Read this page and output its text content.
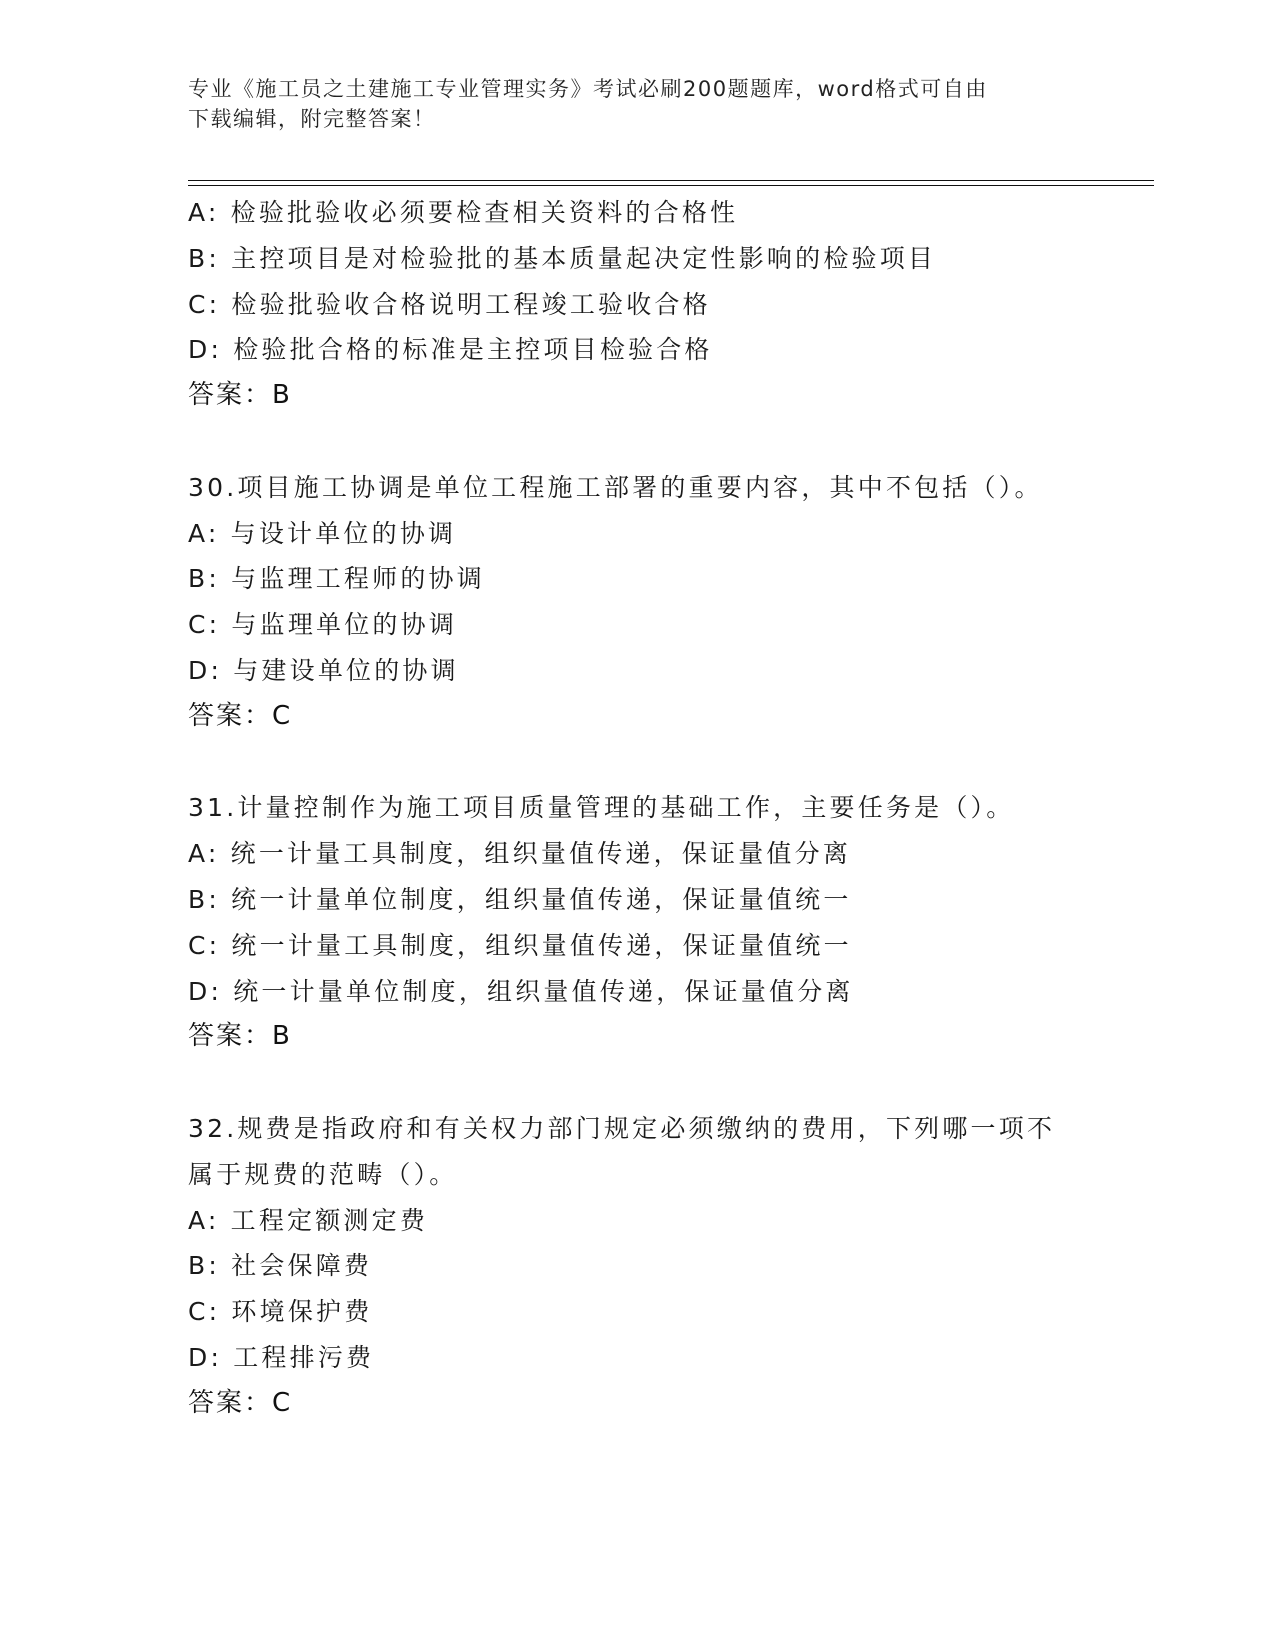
专业《施工员之土建施工专业管理实务》考试必刷200题题库，word格式可自由
下载编辑，附完整答案！
A: 检验批验收必须要检查相关资料的合格性
B: 主控项目是对检验批的基本质量起决定性影响的检验项目
C: 检验批验收合格说明工程竣工验收合格
D: 检验批合格的标准是主控项目检验合格
答案：B
30.项目施工协调是单位工程施工部署的重要内容，其中不包括（）。
A: 与设计单位的协调
B: 与监理工程师的协调
C: 与监理单位的协调
D: 与建设单位的协调
答案：C
31.计量控制作为施工项目质量管理的基础工作，主要任务是（）。
A: 统一计量工具制度，组织量值传递，保证量值分离
B: 统一计量单位制度，组织量值传递，保证量值统一
C: 统一计量工具制度，组织量值传递，保证量值统一
D: 统一计量单位制度，组织量值传递，保证量值分离
答案：B
32.规费是指政府和有关权力部门规定必须缴纳的费用，下列哪一项不
属于规费的范畴（）。
A: 工程定额测定费
B: 社会保障费
C: 环境保护费
D: 工程排污费
答案：C
